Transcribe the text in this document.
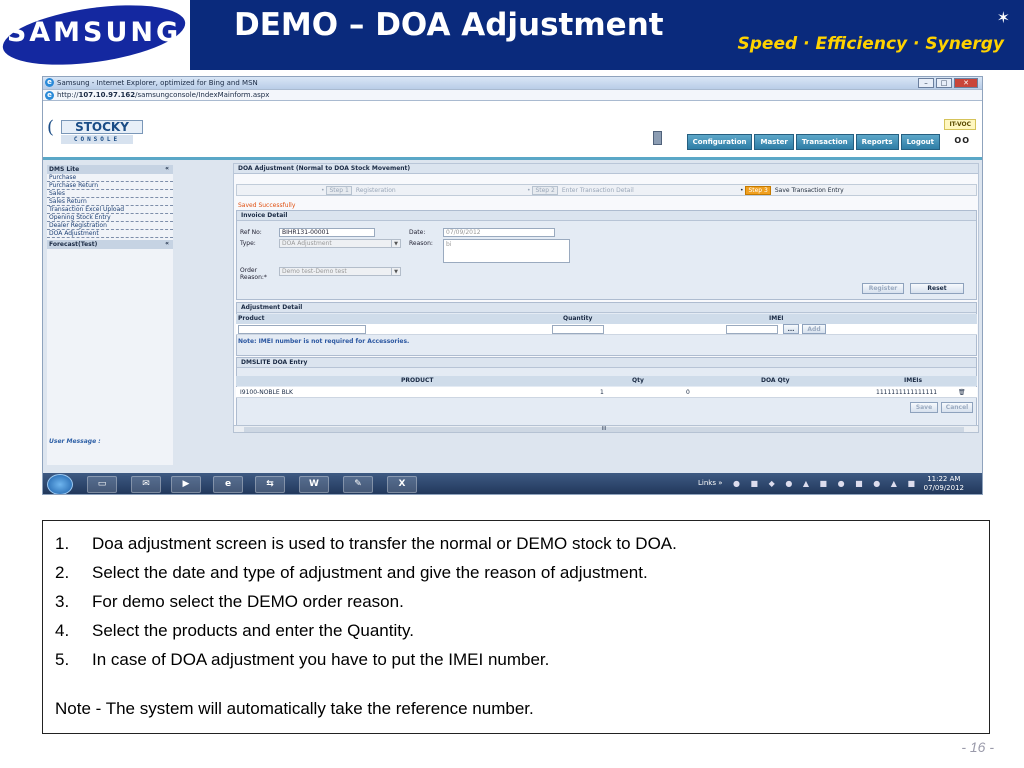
SAMSUNG DEMO – DOA Adjustment	✶
Speed · Efficiency · Synergy
e Samsung - Internet Explorer, optimized for Bing and MSN	–	□	✕
e http://107.10.97.162/samsungconsole/IndexMainform.aspx
(	STOCKY
CONSOLE
IT-VOC
Configuration	Master	Transaction	Reports	Logout	OO
DMS Lite	«
Purchase
Purchase Return
Sales
Sales Return
Transaction Excel Upload
Opening Stock Entry
Dealer Registration
DOA Adjustment
Forecast(Test)	«
DOA Adjustment (Normal to DOA Stock Movement)
• Step 1 Registeration	• Step 2 Enter Transaction Detail	• Step 3 Save Transaction Entry
Saved Successfully
Invoice Detail
Ref No:	BIHR131-00001	Date:	07/09/2012
Type:	DOA Adjustment	▼	Reason:	bi
Order
Reason:*
Demo test-Demo test	▼
Register	Reset
Adjustment Detail
Product	Quantity	IMEI
...	Add
Note: IMEI number is not required for Accessories.
DMSLITE DOA Entry
PRODUCT	Qty	DOA Qty	IMEIs
I9100-NOBLE BLK	1	0	1111111111111111	🗑
Save	Cancel
III
User Message :
▭	✉	▶	e	⇆	W	✎	X	Links » ● ■ ◆ ● ▲ ■ ● ■ ● ▲ ■	11:22 AM
07/09/2012
1.	Doa adjustment screen is used to transfer the normal or DEMO stock to DOA.
2.	Select the date and type of adjustment and give the reason of adjustment.
3.	For demo select the DEMO order reason.
4.	Select the products and enter the Quantity.
5.	In case of DOA adjustment you have to put the IMEI number.
Note - The system will automatically take the reference number.
- 16 -
